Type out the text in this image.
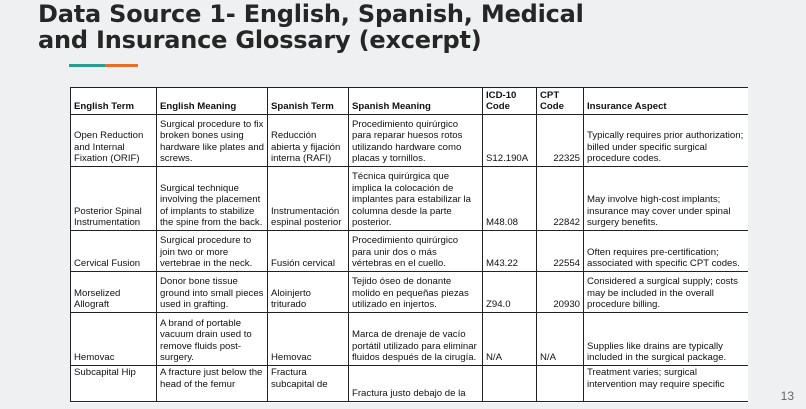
Data Source 1- English, Spanish, Medical
and Insurance Glossary (excerpt)
English Term	English Meaning	Spanish Term	Spanish Meaning	ICD-10 Code	CPT Code	Insurance Aspect
Open Reduction and Internal Fixation (ORIF)	Surgical procedure to fix broken bones using hardware like plates and screws.	Reducción abierta y fijación interna (RAFI)	Procedimiento quirúrgico para reparar huesos rotos utilizando hardware como placas y tornillos.	S12.190A	22325	Typically requires prior authorization; billed under specific surgical procedure codes.
Posterior Spinal Instrumentation	Surgical technique involving the placement of implants to stabilize the spine from the back.	Instrumentación espinal posterior	Técnica quirúrgica que implica la colocación de implantes para estabilizar la columna desde la parte posterior.	M48.08	22842	May involve high-cost implants; insurance may cover under spinal surgery benefits.
Cervical Fusion	Surgical procedure to join two or more vertebrae in the neck.	Fusión cervical	Procedimiento quirúrgico para unir dos o más vértebras en el cuello.	M43.22	22554	Often requires pre-certification; associated with specific CPT codes.
Morselized Allograft	Donor bone tissue ground into small pieces used in grafting.	Aloinjerto triturado	Tejido óseo de donante molido en pequeñas piezas utilizado en injertos.	Z94.0	20930	Considered a surgical supply; costs may be included in the overall procedure billing.
Hemovac	A brand of portable vacuum drain used to remove fluids post-surgery.	Hemovac	Marca de drenaje de vacío portátil utilizado para eliminar fluidos después de la cirugía.	N/A	N/A	Supplies like drains are typically included in the surgical package.
Subcapital Hip	A fracture just below the head of the femur	Fractura subcapital de	Fractura justo debajo de la			Treatment varies; surgical intervention may require specific
13
